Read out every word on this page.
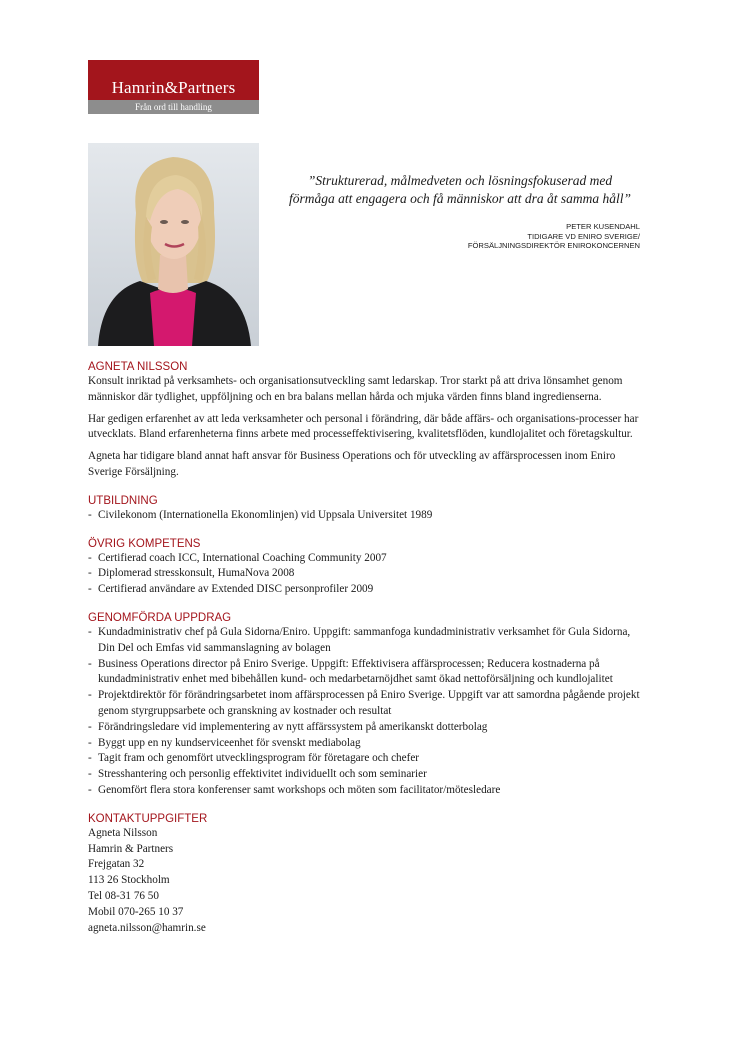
Hamrin&Partners
Från ord till handling
”Strukturerad, målmedveten och lösningsfokuserad med
förmåga att engagera och få människor att dra åt samma håll”
PETER KUSENDAHL
TIDIGARE VD ENIRO SVERIGE/
FÖRSÄLJNINGSDIREKTÖR ENIROKONCERNEN
AGNETA NILSSON

Konsult inriktad på verksamhets- och organisationsutveckling samt ledarskap. Tror starkt på att driva lönsamhet genom människor där tydlighet, uppföljning och en bra balans mellan hårda och mjuka värden finns bland ingredienserna.

Har gedigen erfarenhet av att leda verksamheter och personal i förändring, där både affärs- och organisations-processer har utvecklats. Bland erfarenheterna finns arbete med processeffektivisering, kvalitetsflöden, kundlojalitet och företagskultur.

Agneta har tidigare bland annat haft ansvar för Business Operations och för utveckling av affärsprocessen inom Eniro Sverige Försäljning.

UTBILDNING
- Civilekonom (Internationella Ekonomlinjen) vid Uppsala Universitet 1989
ÖVRIG KOMPETENS
- Certifierad coach ICC, International Coaching Community 2007
- Diplomerad stresskonsult, HumaNova 2008
- Certifierad användare av Extended DISC personprofiler 2009
GENOMFÖRDA UPPDRAG
- Kundadministrativ chef på Gula Sidorna/Eniro. Uppgift: sammanfoga kundadministrativ verksamhet för Gula Sidorna, Din Del och Emfas vid sammanslagning av bolagen
- Business Operations director på Eniro Sverige. Uppgift: Effektivisera affärsprocessen; Reducera kostnaderna på kundadministrativ enhet med bibehållen kund- och medarbetarnöjdhet samt ökad nettoförsäljning och kundlojalitet
- Projektdirektör för förändringsarbetet inom affärsprocessen på Eniro Sverige. Uppgift var att samordna pågående projekt genom styrgruppsarbete och granskning av kostnader och resultat
- Förändringsledare vid implementering av nytt affärssystem på amerikanskt dotterbolag
- Byggt upp en ny kundserviceenhet för svenskt mediabolag
- Tagit fram och genomfört utvecklingsprogram för företagare och chefer
- Stresshantering och personlig effektivitet individuellt och som seminarier
- Genomfört flera stora konferenser samt workshops och möten som facilitator/mötesledare
KONTAKTUPPGIFTER
Agneta Nilsson
Hamrin & Partners
Frejgatan 32
113 26 Stockholm
Tel 08-31 76 50
Mobil 070-265 10 37
agneta.nilsson@hamrin.se
